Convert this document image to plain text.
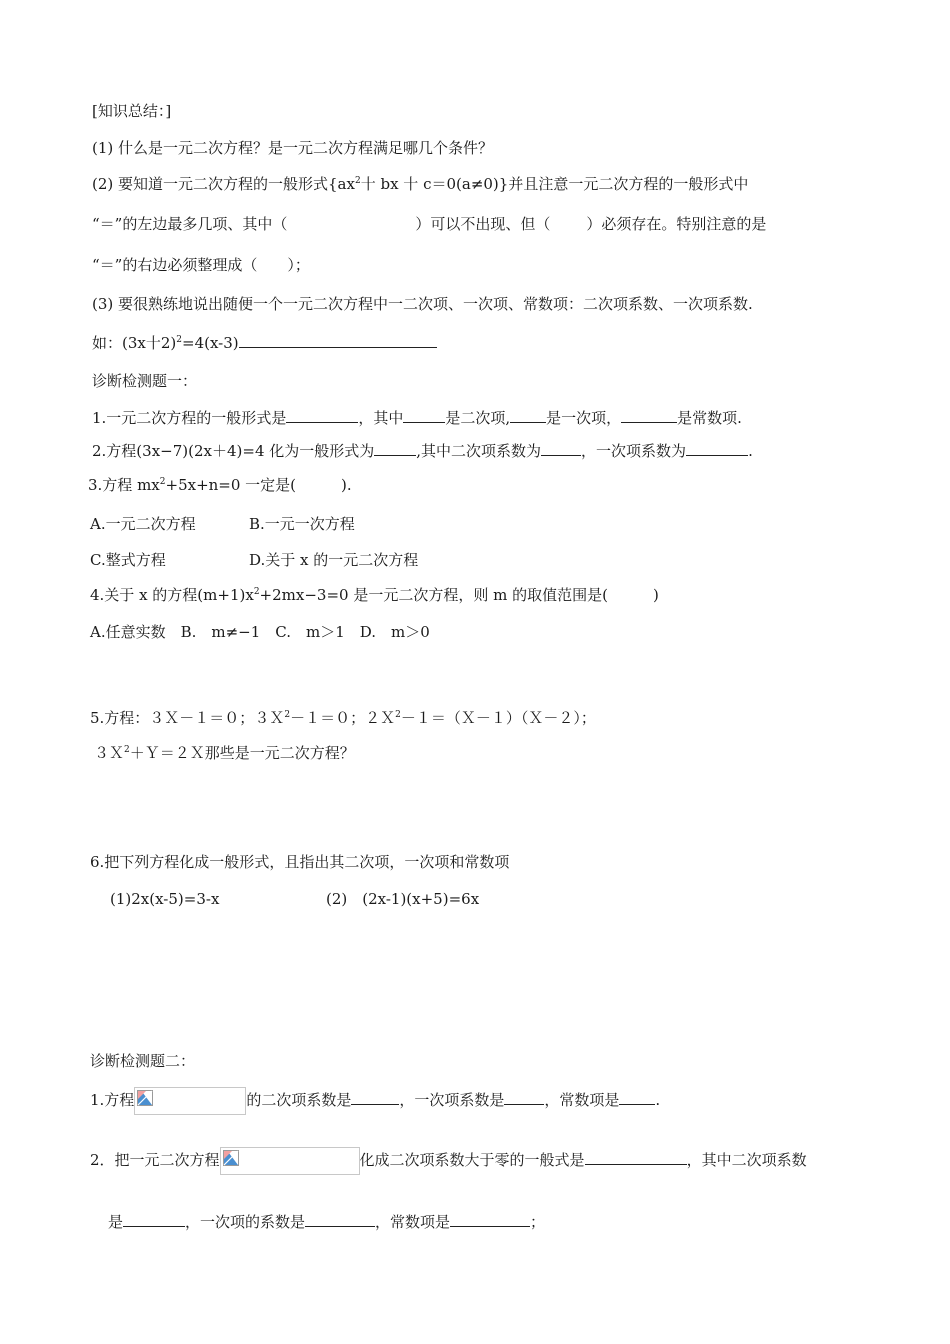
[知识总结：]
(1) 什么是一元二次方程？是一元二次方程满足哪几个条件？
(2) 要知道一元二次方程的一般形式{$ax^2$十 bx 十 c＝0(a≠0)}并且注意一元二次方程的一般形式中
“＝”的左边最多几项、其中（	）可以不出现、但（ ）必须存在。特别注意的是
“＝”的右边必须整理成（　　）；
(3) 要很熟练地说出随便一个一元二次方程中一二次项、一次项、常数项：二次项系数、一次项系数.
如：(3x十2)$^2$=4(x-3)
诊断检测题一：
1.一元二次方程的一般形式是	，其中	是二次项, 是一次项，	是常数项.
2.方程(3x−7)(2x＋4)=4 化为一般形式为	,其中二次项系数为	，一次项系数为	.
3.方程 $mx^2+5x+n=0$ 一定是(　　　).
A.一元二次方程	B.一元一次方程
C.整式方程	D.关于 x 的一元二次方程
4.关于 x 的方程$(m+1)x^2+2mx-3=0$ 是一元二次方程，则 m 的取值范围是(　　　)
A.任意实数　B.　m≠−1　C.　m＞1　D.　m＞0
5.方程：３Ｘ－１＝０；３Ｘ$^2$－１＝０；２Ｘ$^2$－１＝（Ｘ－１）（Ｘ－２）；
３Ｘ$^2$＋Ｙ＝２Ｘ那些是一元二次方程？
6.把下列方程化成一般形式，且指出其二次项，一次项和常数项
(1)2x(x-5)=3-x	(2)　(2x-1)(x+5)=6x
诊断检测题二：
1.方程	的二次项系数是	，一次项系数是	，常数项是 .
2．把一元二次方程	化成二次项系数大于零的一般式是	，其中二次项系数
是	，一次项的系数是	，常数项是	；
